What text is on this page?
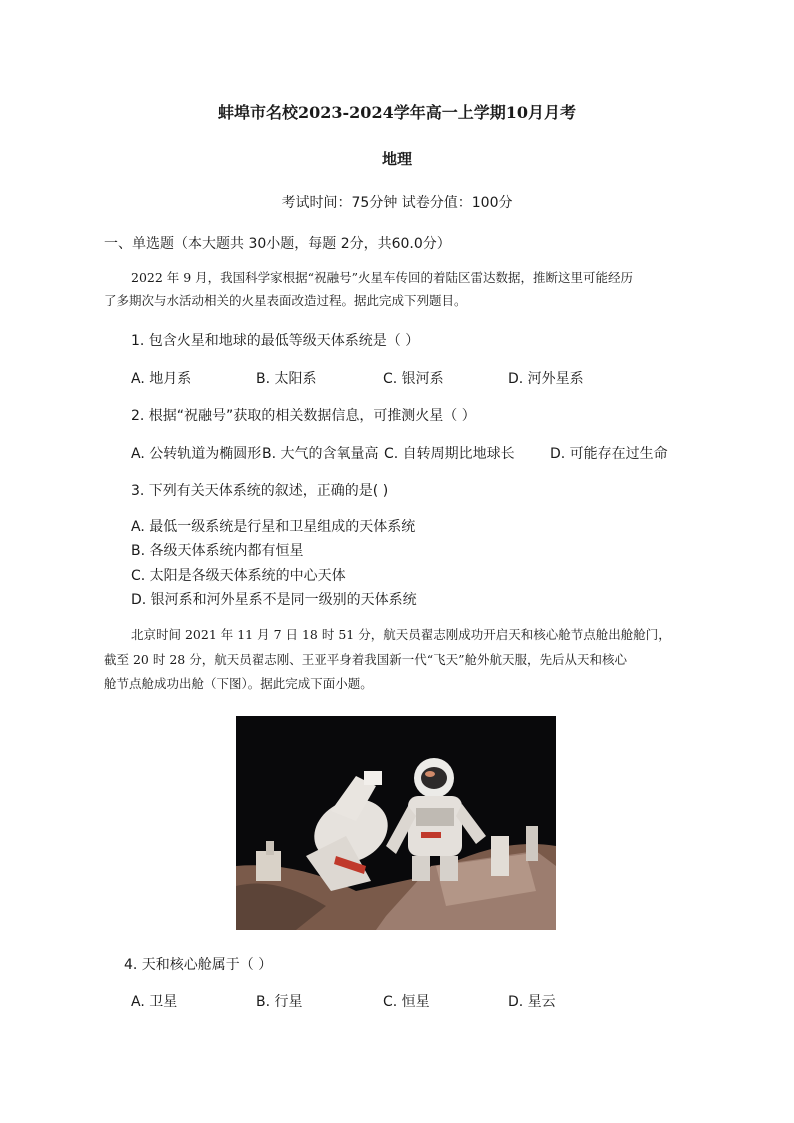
蚌埠市名校2023-2024学年高一上学期10月月考
地理
考试时间：75分钟 试卷分值：100分
一、单选题（本大题共 30小题，每题 2分，共60.0分）
2022 年 9 月，我国科学家根据“祝融号”火星车传回的着陆区雷达数据，推断这里可能经历
了多期次与水活动相关的火星表面改造过程。据此完成下列题目。
1. 包含火星和地球的最低等级天体系统是（ ）
A. 地月系	B. 太阳系	C. 银河系	D. 河外星系
2. 根据“祝融号”获取的相关数据信息，可推测火星（ ）
A. 公转轨道为椭圆形 B. 大气的含氧量高 C. 自转周期比地球长	D. 可能存在过生命
3. 下列有关天体系统的叙述，正确的是( )
A. 最低一级系统是行星和卫星组成的天体系统
B. 各级天体系统内都有恒星
C. 太阳是各级天体系统的中心天体
D. 银河系和河外星系不是同一级别的天体系统
北京时间 2021 年 11 月 7 日 18 时 51 分，航天员翟志刚成功开启天和核心舱节点舱出舱舱门，
截至 20 时 28 分，航天员翟志刚、王亚平身着我国新一代“飞天”舱外航天服，先后从天和核心
舱节点舱成功出舱（下图）。据此完成下面小题。
4. 天和核心舱属于（ ）
A. 卫星	B. 行星	C. 恒星	D. 星云
